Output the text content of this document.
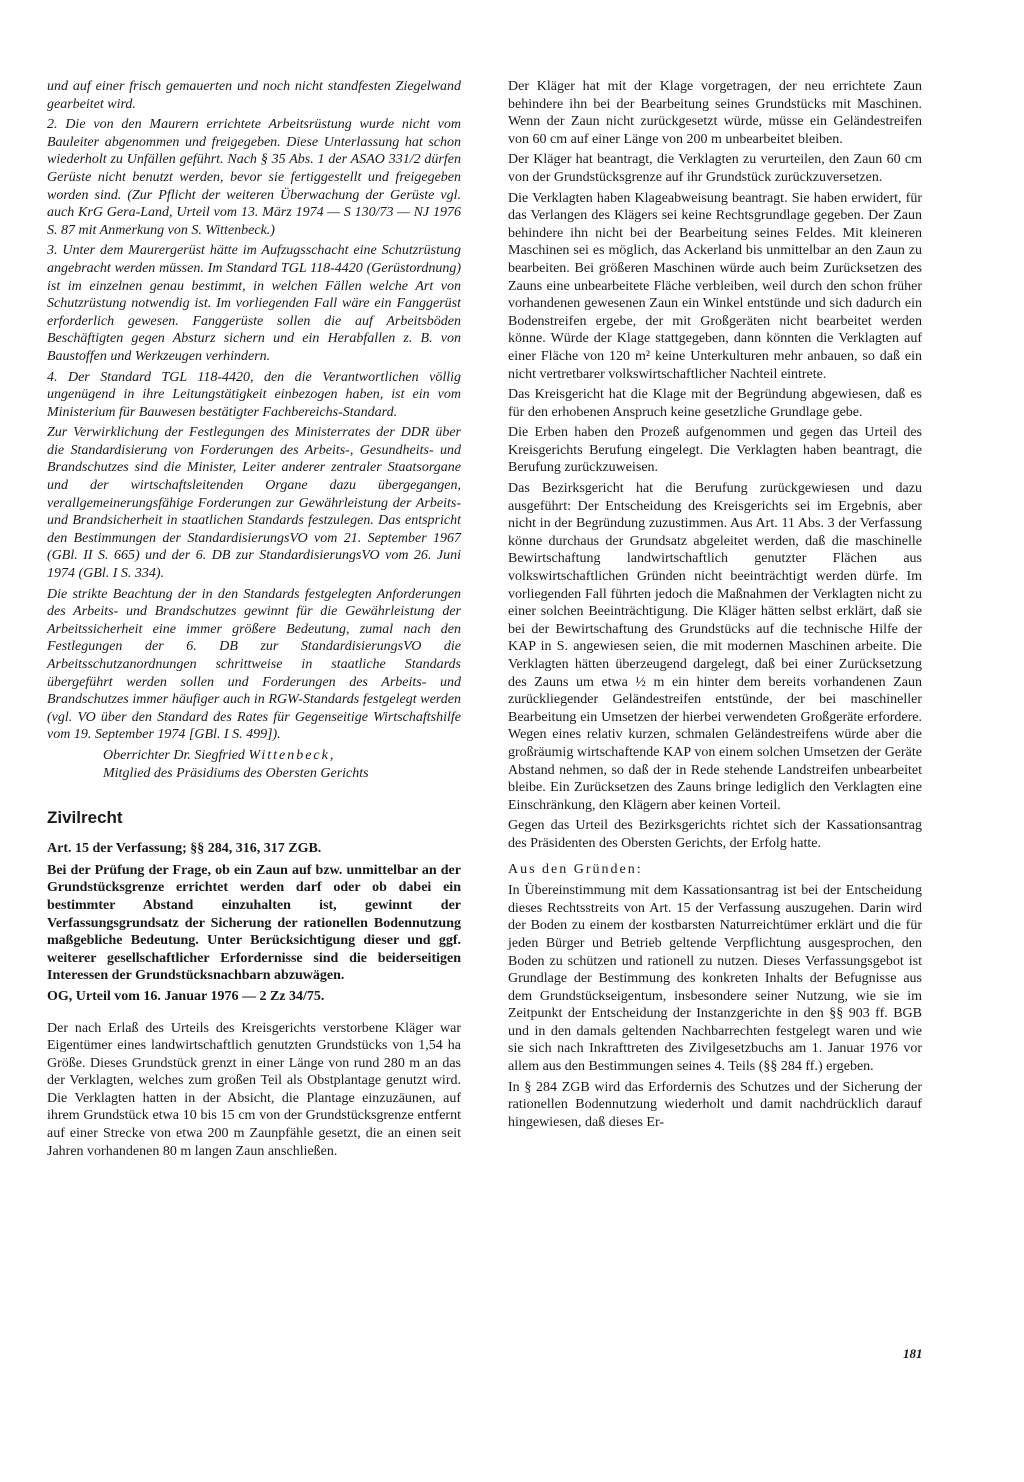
und auf einer frisch gemauerten und noch nicht standfesten Ziegelwand gearbeitet wird.

2. Die von den Maurern errichtete Arbeitsrüstung wurde nicht vom Bauleiter abgenommen und freigegeben. Diese Unterlassung hat schon wiederholt zu Unfällen geführt. Nach § 35 Abs. 1 der ASAO 331/2 dürfen Gerüste nicht benutzt werden, bevor sie fertiggestellt und freigegeben worden sind. (Zur Pflicht der weiteren Überwachung der Gerüste vgl. auch KrG Gera-Land, Urteil vom 13. März 1974 — S 130/73 — NJ 1976 S. 87 mit Anmerkung von S. Wittenbeck.)

3. Unter dem Maurergerüst hätte im Aufzugsschacht eine Schutzrüstung angebracht werden müssen. Im Standard TGL 118-4420 (Gerüstordnung) ist im einzelnen genau bestimmt, in welchen Fällen welche Art von Schutzrüstung notwendig ist. Im vorliegenden Fall wäre ein Fanggerüst erforderlich gewesen. Fanggerüste sollen die auf Arbeitsböden Beschäftigten gegen Absturz sichern und ein Herabfallen z. B. von Baustoffen und Werkzeugen verhindern.

4. Der Standard TGL 118-4420, den die Verantwortlichen völlig ungenügend in ihre Leitungstätigkeit einbezogen haben, ist ein vom Ministerium für Bauwesen bestätigter Fachbereichs-Standard.

Zur Verwirklichung der Festlegungen des Ministerrates der DDR über die Standardisierung von Forderungen des Arbeits-, Gesundheits- und Brandschutzes sind die Minister, Leiter anderer zentraler Staatsorgane und der wirtschaftsleitenden Organe dazu übergegangen, verallgemeinerungsfähige Forderungen zur Gewährleistung der Arbeits- und Brandsicherheit in staatlichen Standards festzulegen. Das entspricht den Bestimmungen der StandardisierungsVO vom 21. September 1967 (GBl. II S. 665) und der 6. DB zur StandardisierungsVO vom 26. Juni 1974 (GBl. I S. 334).

Die strikte Beachtung der in den Standards festgelegten Anforderungen des Arbeits- und Brandschutzes gewinnt für die Gewährleistung der Arbeitssicherheit eine immer größere Bedeutung, zumal nach den Festlegungen der 6. DB zur StandardisierungsVO die Arbeitsschutzanordnungen schrittweise in staatliche Standards übergeführt werden sollen und Forderungen des Arbeits- und Brandschutzes immer häufiger auch in RGW-Standards festgelegt werden (vgl. VO über den Standard des Rates für Gegenseitige Wirtschaftshilfe vom 19. September 1974 [GBl. I S. 499]).

Oberrichter Dr. Siegfried Wittenbeck,
Mitglied des Präsidiums des Obersten Gerichts
Zivilrecht
Art. 15 der Verfassung; §§ 284, 316, 317 ZGB.

Bei der Prüfung der Frage, ob ein Zaun auf bzw. unmittelbar an der Grundstücksgrenze errichtet werden darf oder ob dabei ein bestimmter Abstand einzuhalten ist, gewinnt der Verfassungsgrundsatz der Sicherung der rationellen Bodennutzung maßgebliche Bedeutung. Unter Berücksichtigung dieser und ggf. weiterer gesellschaftlicher Erfordernisse sind die beiderseitigen Interessen der Grundstücksnachbarn abzuwägen.

OG, Urteil vom 16. Januar 1976 — 2 Zz 34/75.

Der nach Erlaß des Urteils des Kreisgerichts verstorbene Kläger war Eigentümer eines landwirtschaftlich genutzten Grundstücks von 1,54 ha Größe. Dieses Grundstück grenzt in einer Länge von rund 280 m an das der Verklagten, welches zum großen Teil als Obstplantage genutzt wird. Die Verklagten hatten in der Absicht, die Plantage einzuzäunen, auf ihrem Grundstück etwa 10 bis 15 cm von der Grundstücksgrenze entfernt auf einer Strecke von etwa 200 m Zaunpfähle gesetzt, die an einen seit Jahren vorhandenen 80 m langen Zaun anschließen.

Der Kläger hat mit der Klage vorgetragen, der neu errichtete Zaun behindere ihn bei der Bearbeitung seines Grundstücks mit Maschinen. Wenn der Zaun nicht zurückgesetzt würde, müsse ein Geländestreifen von 60 cm auf einer Länge von 200 m unbearbeitet bleiben.

Der Kläger hat beantragt, die Verklagten zu verurteilen, den Zaun 60 cm von der Grundstücksgrenze auf ihr Grundstück zurückzuversetzen.

Die Verklagten haben Klageabweisung beantragt. Sie haben erwidert, für das Verlangen des Klägers sei keine Rechtsgrundlage gegeben. Der Zaun behindere ihn nicht bei der Bearbeitung seines Feldes. Mit kleineren Maschinen sei es möglich, das Ackerland bis unmittelbar an den Zaun zu bearbeiten. Bei größeren Maschinen würde auch beim Zurücksetzen des Zauns eine unbearbeitete Fläche verbleiben, weil durch den schon früher vorhandenen gewesenen Zaun ein Winkel entstünde und sich dadurch ein Bodenstreifen ergebe, der mit Großgeräten nicht bearbeitet werden könne. Würde der Klage stattgegeben, dann könnten die Verklagten auf einer Fläche von 120 m² keine Unterkulturen mehr anbauen, so daß ein nicht vertretbarer volkswirtschaftlicher Nachteil eintrete.

Das Kreisgericht hat die Klage mit der Begründung abgewiesen, daß es für den erhobenen Anspruch keine gesetzliche Grundlage gebe.

Die Erben haben den Prozeß aufgenommen und gegen das Urteil des Kreisgerichts Berufung eingelegt. Die Verklagten haben beantragt, die Berufung zurückzuweisen.

Das Bezirksgericht hat die Berufung zurückgewiesen und dazu ausgeführt: Der Entscheidung des Kreisgerichts sei im Ergebnis, aber nicht in der Begründung zuzustimmen. Aus Art. 11 Abs. 3 der Verfassung könne durchaus der Grundsatz abgeleitet werden, daß die maschinelle Bewirtschaftung landwirtschaftlich genutzter Flächen aus volkswirtschaftlichen Gründen nicht beeinträchtigt werden dürfe. Im vorliegenden Fall führten jedoch die Maßnahmen der Verklagten nicht zu einer solchen Beeinträchtigung. Die Kläger hätten selbst erklärt, daß sie bei der Bewirtschaftung des Grundstücks auf die technische Hilfe der KAP in S. angewiesen seien, die mit modernen Maschinen arbeite. Die Verklagten hätten überzeugend dargelegt, daß bei einer Zurücksetzung des Zauns um etwa ½ m ein hinter dem bereits vorhandenen Zaun zurückliegender Geländestreifen entstünde, der bei maschineller Bearbeitung ein Umsetzen der hierbei verwendeten Großgeräte erfordere. Wegen eines relativ kurzen, schmalen Geländestreifens würde aber die großräumig wirtschaftende KAP von einem solchen Umsetzen der Geräte Abstand nehmen, so daß der in Rede stehende Landstreifen unbearbeitet bleibe. Ein Zurücksetzen des Zauns bringe lediglich den Verklagten eine Einschränkung, den Klägern aber keinen Vorteil.

Gegen das Urteil des Bezirksgerichts richtet sich der Kassationsantrag des Präsidenten des Obersten Gerichts, der Erfolg hatte.

Aus den Gründen:

In Übereinstimmung mit dem Kassationsantrag ist bei der Entscheidung dieses Rechtsstreits von Art. 15 der Verfassung auszugehen. Darin wird der Boden zu einem der kostbarsten Naturreichtümer erklärt und die für jeden Bürger und Betrieb geltende Verpflichtung ausgesprochen, den Boden zu schützen und rationell zu nutzen. Dieses Verfassungsgebot ist Grundlage der Bestimmung des konkreten Inhalts der Befugnisse aus dem Grundstückseigentum, insbesondere seiner Nutzung, wie sie im Zeitpunkt der Entscheidung der Instanzgerichte in den §§ 903 ff. BGB und in den damals geltenden Nachbarrechten festgelegt waren und wie sie sich nach Inkrafttreten des Zivilgesetzbuchs am 1. Januar 1976 vor allem aus den Bestimmungen seines 4. Teils (§§ 284 ff.) ergeben.

In § 284 ZGB wird das Erfordernis des Schutzes und der Sicherung der rationellen Bodennutzung wiederholt und damit nachdrücklich darauf hingewiesen, daß dieses Er-

181
